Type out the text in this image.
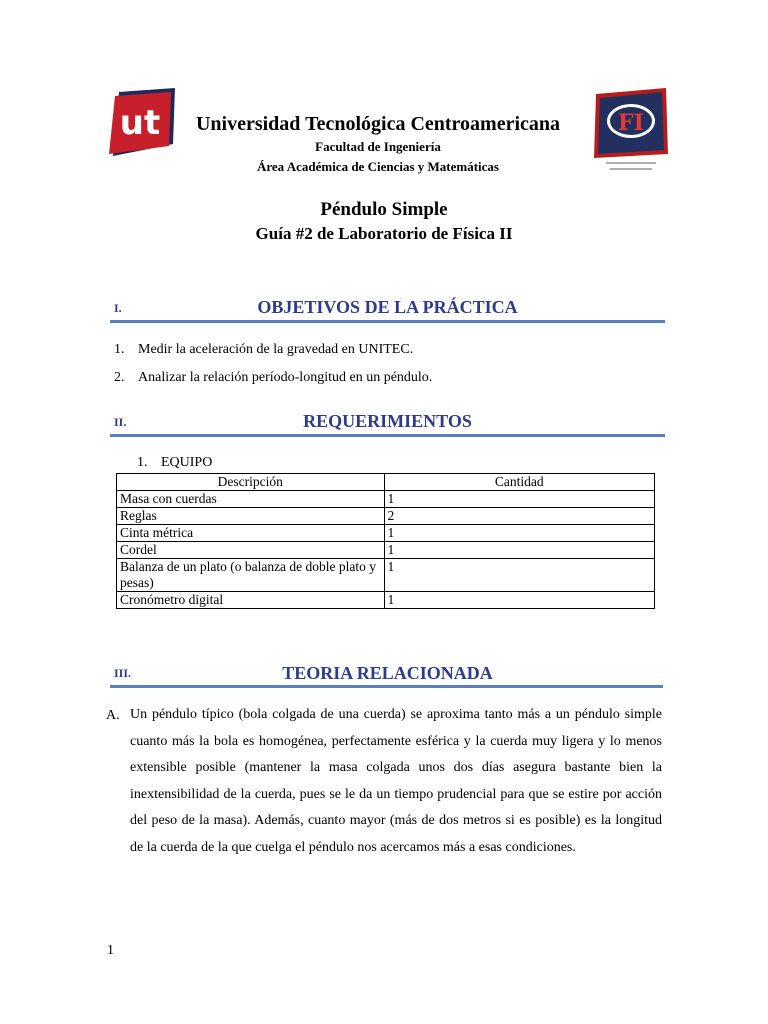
ut	FI
Universidad Tecnológica Centroamericana
Facultad de Ingeniería
Área Académica de Ciencias y Matemáticas
Péndulo Simple
Guía #2 de Laboratorio de Física II
I.	OBJETIVOS DE LA PRÁCTICA
1. Medir la aceleración de la gravedad en UNITEC.
2. Analizar la relación período-longitud en un péndulo.
II.	REQUERIMIENTOS
1. EQUIPO
Descripción	Cantidad
Masa con cuerdas	1
Reglas	2
Cinta métrica	1
Cordel	1
Balanza de un plato (o balanza de doble plato y pesas)	1
Cronómetro digital	1
III.	TEORIA RELACIONADA
A. Un péndulo típico (bola colgada de una cuerda) se aproxima tanto más a un péndulo simple cuanto más la bola es homogénea, perfectamente esférica y la cuerda muy ligera y lo menos extensible posible (mantener la masa colgada unos dos días asegura bastante bien la inextensibilidad de la cuerda, pues se le da un tiempo prudencial para que se estire por acción del peso de la masa). Además, cuanto mayor (más de dos metros si es posible) es la longitud de la cuerda de la que cuelga el péndulo nos acercamos más a esas condiciones.
1
